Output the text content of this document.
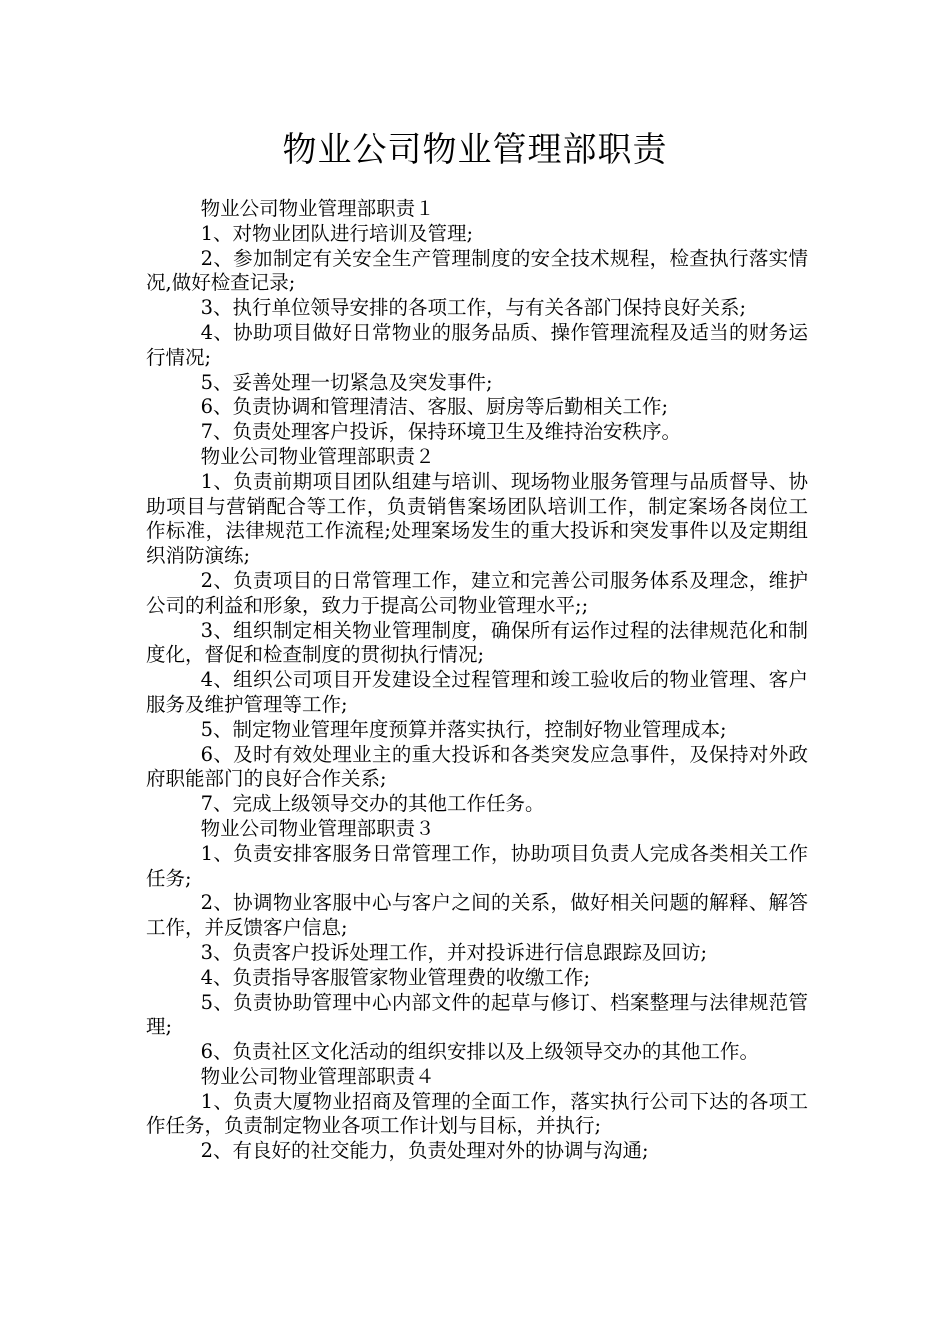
物业公司物业管理部职责

物业公司物业管理部职责１

1、对物业团队进行培训及管理;

2、参加制定有关安全生产管理制度的安全技术规程，检查执行落实情况,做好检查记录;

3、执行单位领导安排的各项工作，与有关各部门保持良好关系;

4、协助项目做好日常物业的服务品质、操作管理流程及适当的财务运行情况;

5、妥善处理一切紧急及突发事件;

6、负责协调和管理清洁、客服、厨房等后勤相关工作;

7、负责处理客户投诉，保持环境卫生及维持治安秩序。

物业公司物业管理部职责２

1、负责前期项目团队组建与培训、现场物业服务管理与品质督导、协助项目与营销配合等工作，负责销售案场团队培训工作，制定案场各岗位工作标准，法律规范工作流程;处理案场发生的重大投诉和突发事件以及定期组织消防演练;

2、负责项目的日常管理工作，建立和完善公司服务体系及理念，维护公司的利益和形象，致力于提高公司物业管理水平;;

3、组织制定相关物业管理制度，确保所有运作过程的法律规范化和制度化，督促和检查制度的贯彻执行情况;

4、组织公司项目开发建设全过程管理和竣工验收后的物业管理、客户服务及维护管理等工作;

5、制定物业管理年度预算并落实执行，控制好物业管理成本;

6、及时有效处理业主的重大投诉和各类突发应急事件，及保持对外政府职能部门的良好合作关系;

7、完成上级领导交办的其他工作任务。

物业公司物业管理部职责３

1、负责安排客服务日常管理工作，协助项目负责人完成各类相关工作任务;

2、协调物业客服中心与客户之间的关系，做好相关问题的解释、解答工作，并反馈客户信息;

3、负责客户投诉处理工作，并对投诉进行信息跟踪及回访;

4、负责指导客服管家物业管理费的收缴工作;

5、负责协助管理中心内部文件的起草与修订、档案整理与法律规范管理;

6、负责社区文化活动的组织安排以及上级领导交办的其他工作。

物业公司物业管理部职责４

1、负责大厦物业招商及管理的全面工作，落实执行公司下达的各项工作任务，负责制定物业各项工作计划与目标，并执行;

2、有良好的社交能力，负责处理对外的协调与沟通;
